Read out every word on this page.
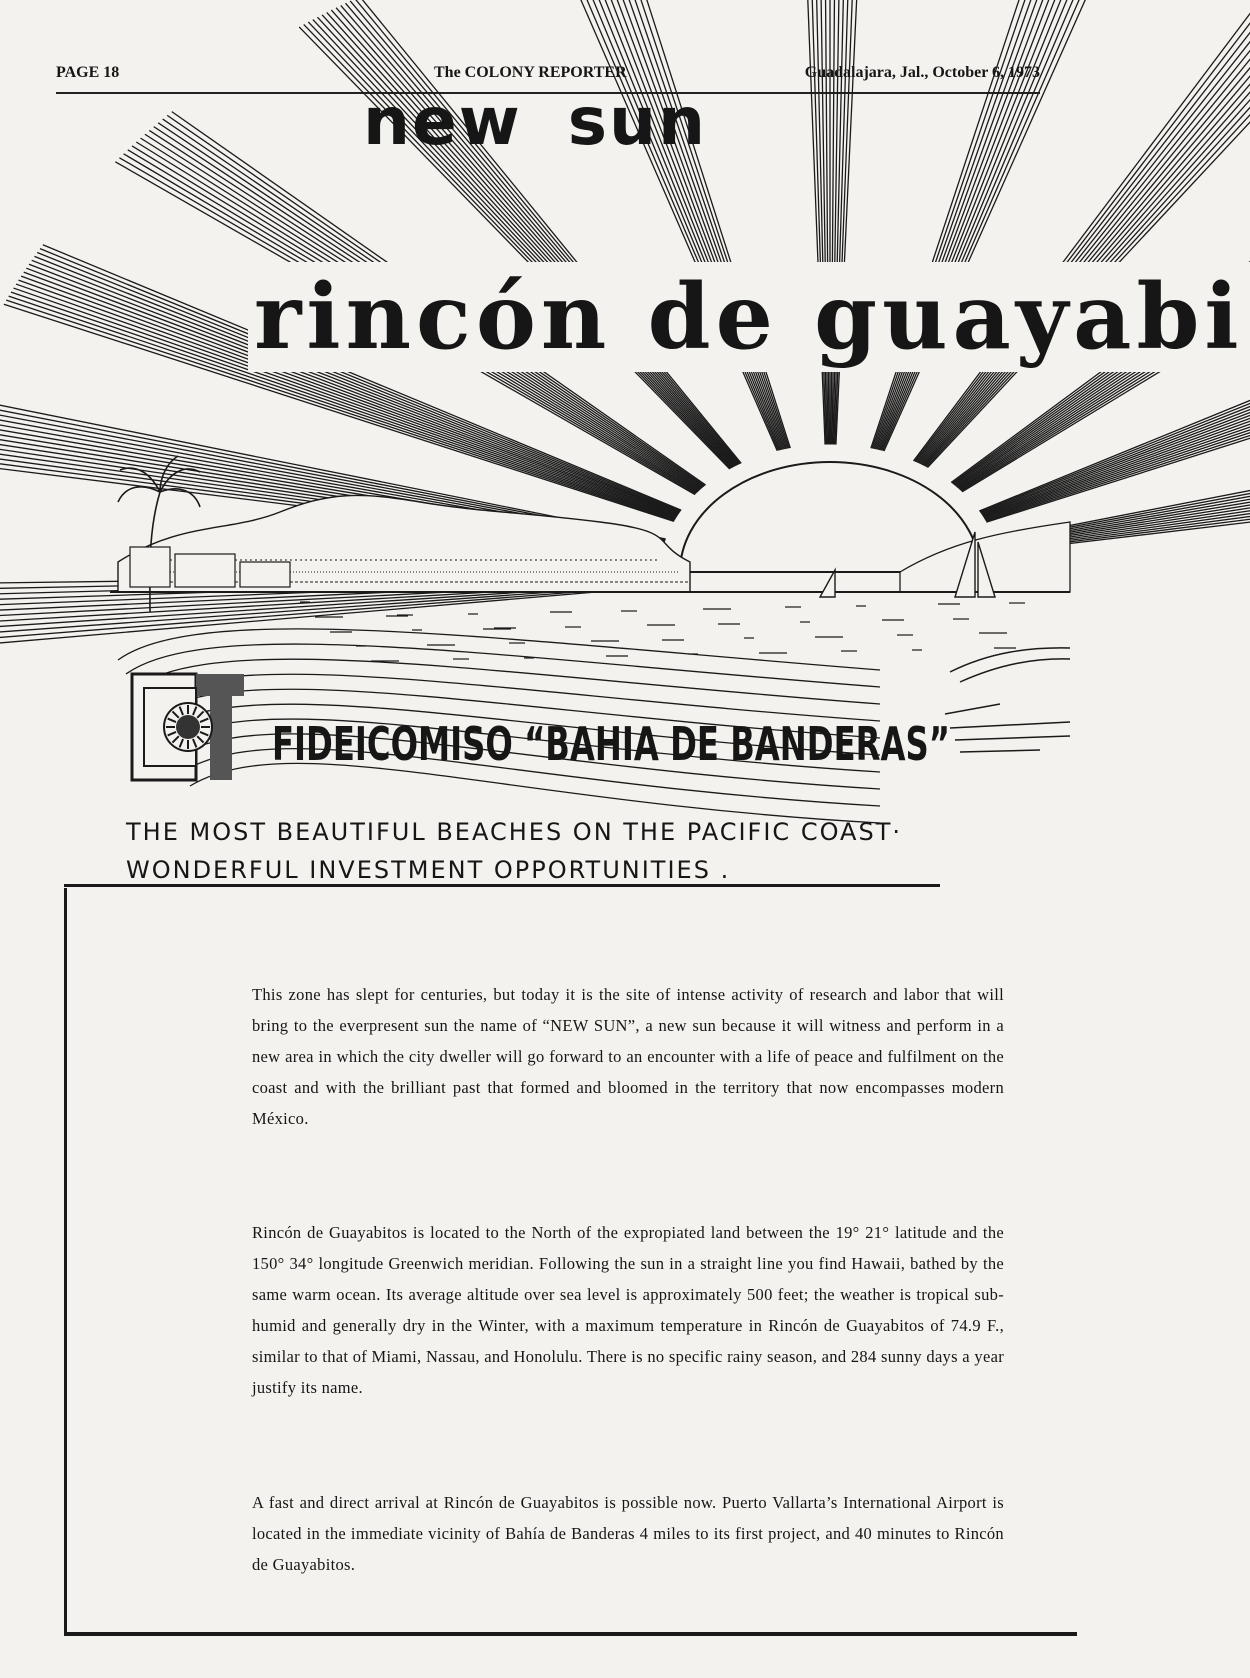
PAGE 18	The COLONY REPORTER	Guadalajara, Jal., October 6, 1973
new sun
rincón de guayabi
FIDEICOMISO “BAHIA DE BANDERAS”
THE MOST BEAUTIFUL BEACHES ON THE PACIFIC COAST·
WONDERFUL INVESTMENT OPPORTUNITIES .

This zone has slept for centuries, but today it is the site of intense activity of research and labor that will bring to the everpresent sun the name of “NEW SUN”, a new sun because it will witness and perform in a new area in which the city dweller will go forward to an encounter with a life of peace and fulfilment on the coast and with the brilliant past that formed and bloomed in the territory that now encompasses modern México.

Rincón de Guayabitos is located to the North of the expropiated land between the 19° 21° latitude and the 150° 34° longitude Greenwich meridian. Following the sun in a straight line you find Hawaii, bathed by the same warm ocean. Its average altitude over sea level is approximately 500 feet; the weather is tropical sub-humid and generally dry in the Winter, with a maximum temperature in Rincón de Guayabitos of 74.9 F., similar to that of Miami, Nassau, and Honolulu. There is no specific rainy season, and 284 sunny days a year justify its name.

A fast and direct arrival at Rincón de Guayabitos is possible now. Puerto Vallarta’s International Airport is located in the immediate vicinity of Bahía de Banderas 4 miles to its first project, and 40 minutes to Rincón de Guayabitos.
